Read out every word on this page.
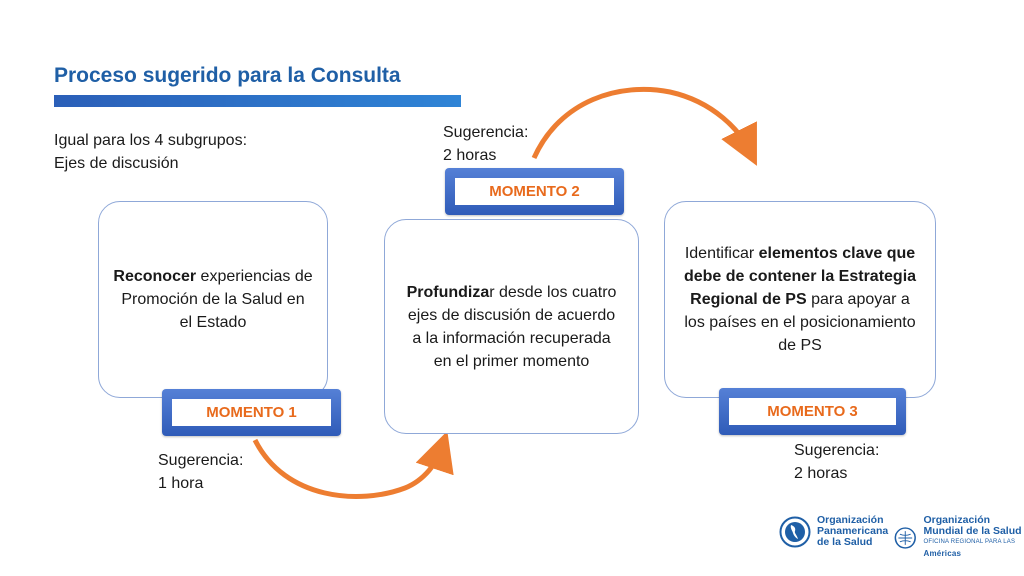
Proceso sugerido para la Consulta
Igual para los 4 subgrupos:
Ejes de discusión

Reconocer experiencias de Promoción de la Salud en el Estado

Profundizar desde los cuatro ejes de discusión de acuerdo a la información recuperada en el primer momento

Identificar elementos clave que debe de contener la Estrategia Regional de PS para apoyar a los países en el posicionamiento de PS

MOMENTO 1
MOMENTO 2
MOMENTO 3
Sugerencia:
1 hora
Sugerencia:
2 horas
Sugerencia:
2 horas
Organización
Panamericana
de la Salud
Organización
Mundial de la Salud
OFICINA REGIONAL PARA LAS Américas
